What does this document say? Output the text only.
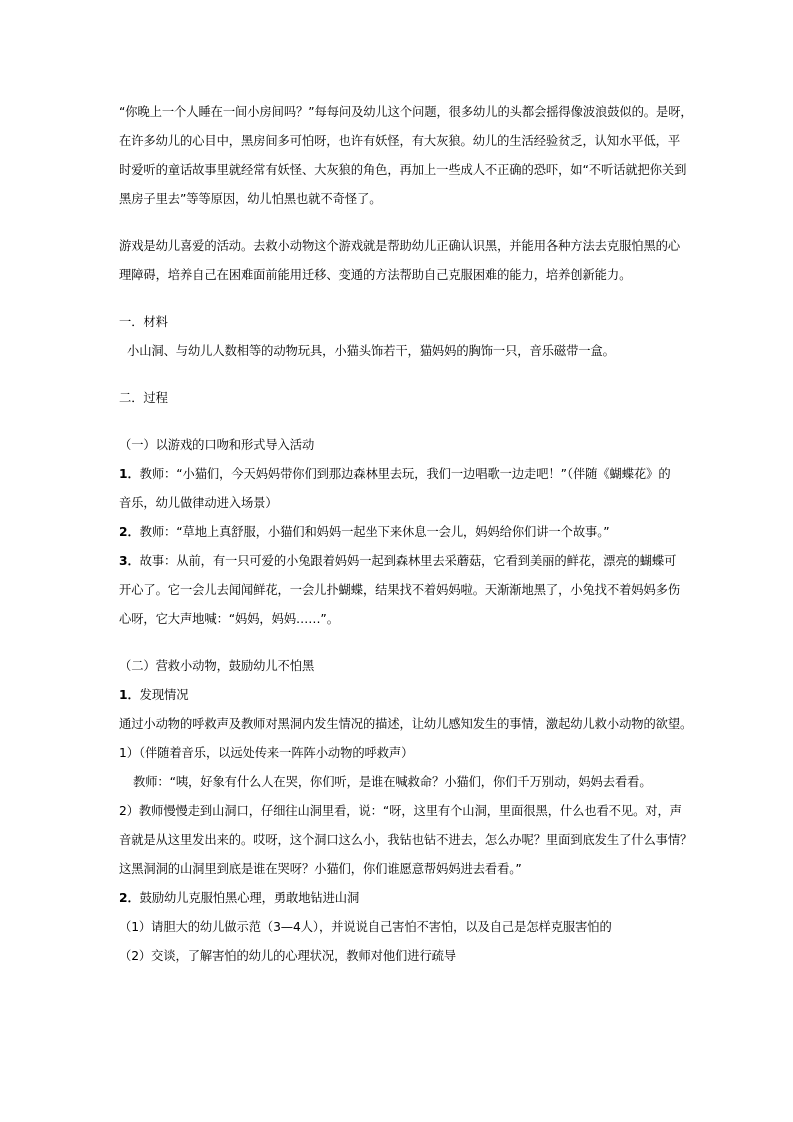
“你晚上一个人睡在一间小房间吗？”每每问及幼儿这个问题，很多幼儿的头都会摇得像波浪鼓似的。是呀，

在许多幼儿的心目中，黑房间多可怕呀，也许有妖怪，有大灰狼。幼儿的生活经验贫乏，认知水平低，平

时爱听的童话故事里就经常有妖怪、大灰狼的角色，再加上一些成人不正确的恐吓，如“不听话就把你关到

黑房子里去”等等原因，幼儿怕黑也就不奇怪了。

游戏是幼儿喜爱的活动。去救小动物这个游戏就是帮助幼儿正确认识黑，并能用各种方法去克服怕黑的心

理障碍，培养自己在困难面前能用迁移、变通的方法帮助自己克服困难的能力，培养创新能力。

一．材料

小山洞、与幼儿人数相等的动物玩具，小猫头饰若干，猫妈妈的胸饰一只，音乐磁带一盒。

二．过程

（一）以游戏的口吻和形式导入活动

1．教师：“小猫们，今天妈妈带你们到那边森林里去玩，我们一边唱歌一边走吧！”（伴随《蝴蝶花》的

音乐，幼儿做律动进入场景）

2．教师：“草地上真舒服，小猫们和妈妈一起坐下来休息一会儿，妈妈给你们讲一个故事。”

3．故事：从前，有一只可爱的小兔跟着妈妈一起到森林里去采蘑菇，它看到美丽的鲜花，漂亮的蝴蝶可

开心了。它一会儿去闻闻鲜花，一会儿扑蝴蝶，结果找不着妈妈啦。天渐渐地黑了，小兔找不着妈妈多伤

心呀，它大声地喊：“妈妈，妈妈……”。

（二）营救小动物，鼓励幼儿不怕黑

1．发现情况

通过小动物的呼救声及教师对黑洞内发生情况的描述，让幼儿感知发生的事情，激起幼儿救小动物的欲望。

1）（伴随着音乐，以远处传来一阵阵小动物的呼救声）

教师：“咦，好象有什么人在哭，你们听，是谁在喊救命？小猫们，你们千万别动，妈妈去看看。

2）教师慢慢走到山洞口，仔细往山洞里看，说：“呀，这里有个山洞，里面很黑，什么也看不见。对，声

音就是从这里发出来的。哎呀，这个洞口这么小，我钻也钻不进去，怎么办呢？里面到底发生了什么事情？

这黑洞洞的山洞里到底是谁在哭呀？小猫们，你们谁愿意帮妈妈进去看看。”

2．鼓励幼儿克服怕黑心理，勇敢地钻进山洞

（1）请胆大的幼儿做示范（3—4人），并说说自己害怕不害怕，以及自己是怎样克服害怕的

（2）交谈，了解害怕的幼儿的心理状况，教师对他们进行疏导
